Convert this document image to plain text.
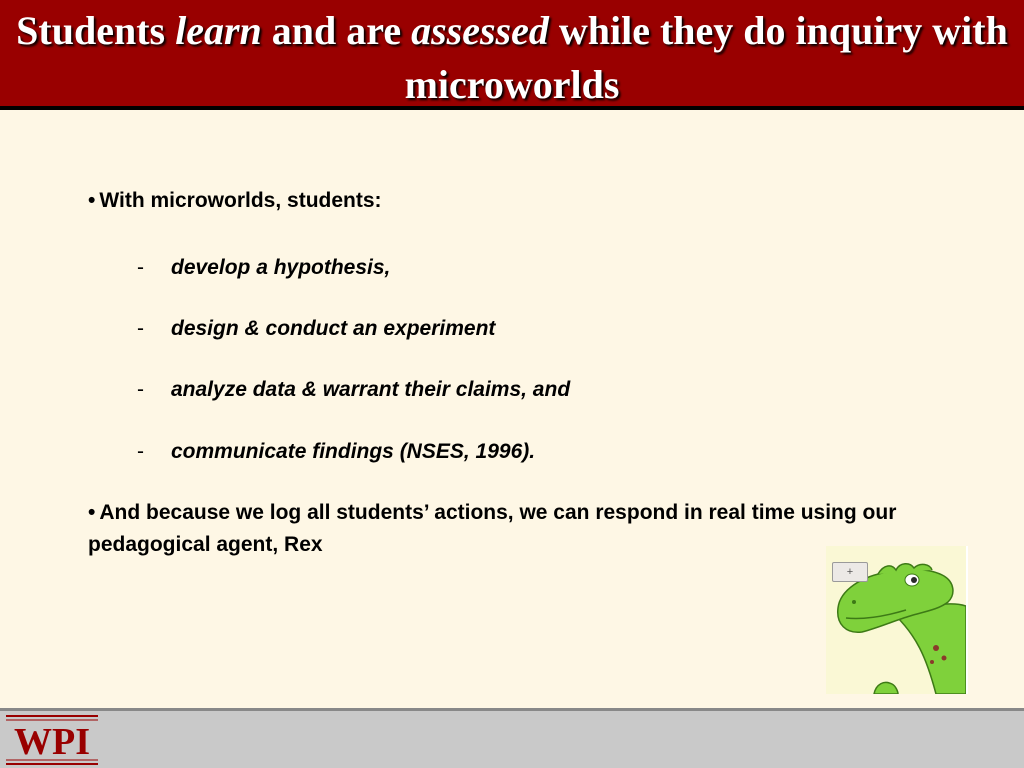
Students learn and are assessed while they do inquiry with microworlds
• With microworlds, students:
- develop a hypothesis,
- design & conduct an experiment
- analyze data & warrant their claims, and
- communicate findings (NSES, 1996).
• And because we log all students’ actions, we can respond in real time using our pedagogical agent, Rex
+
WPI
